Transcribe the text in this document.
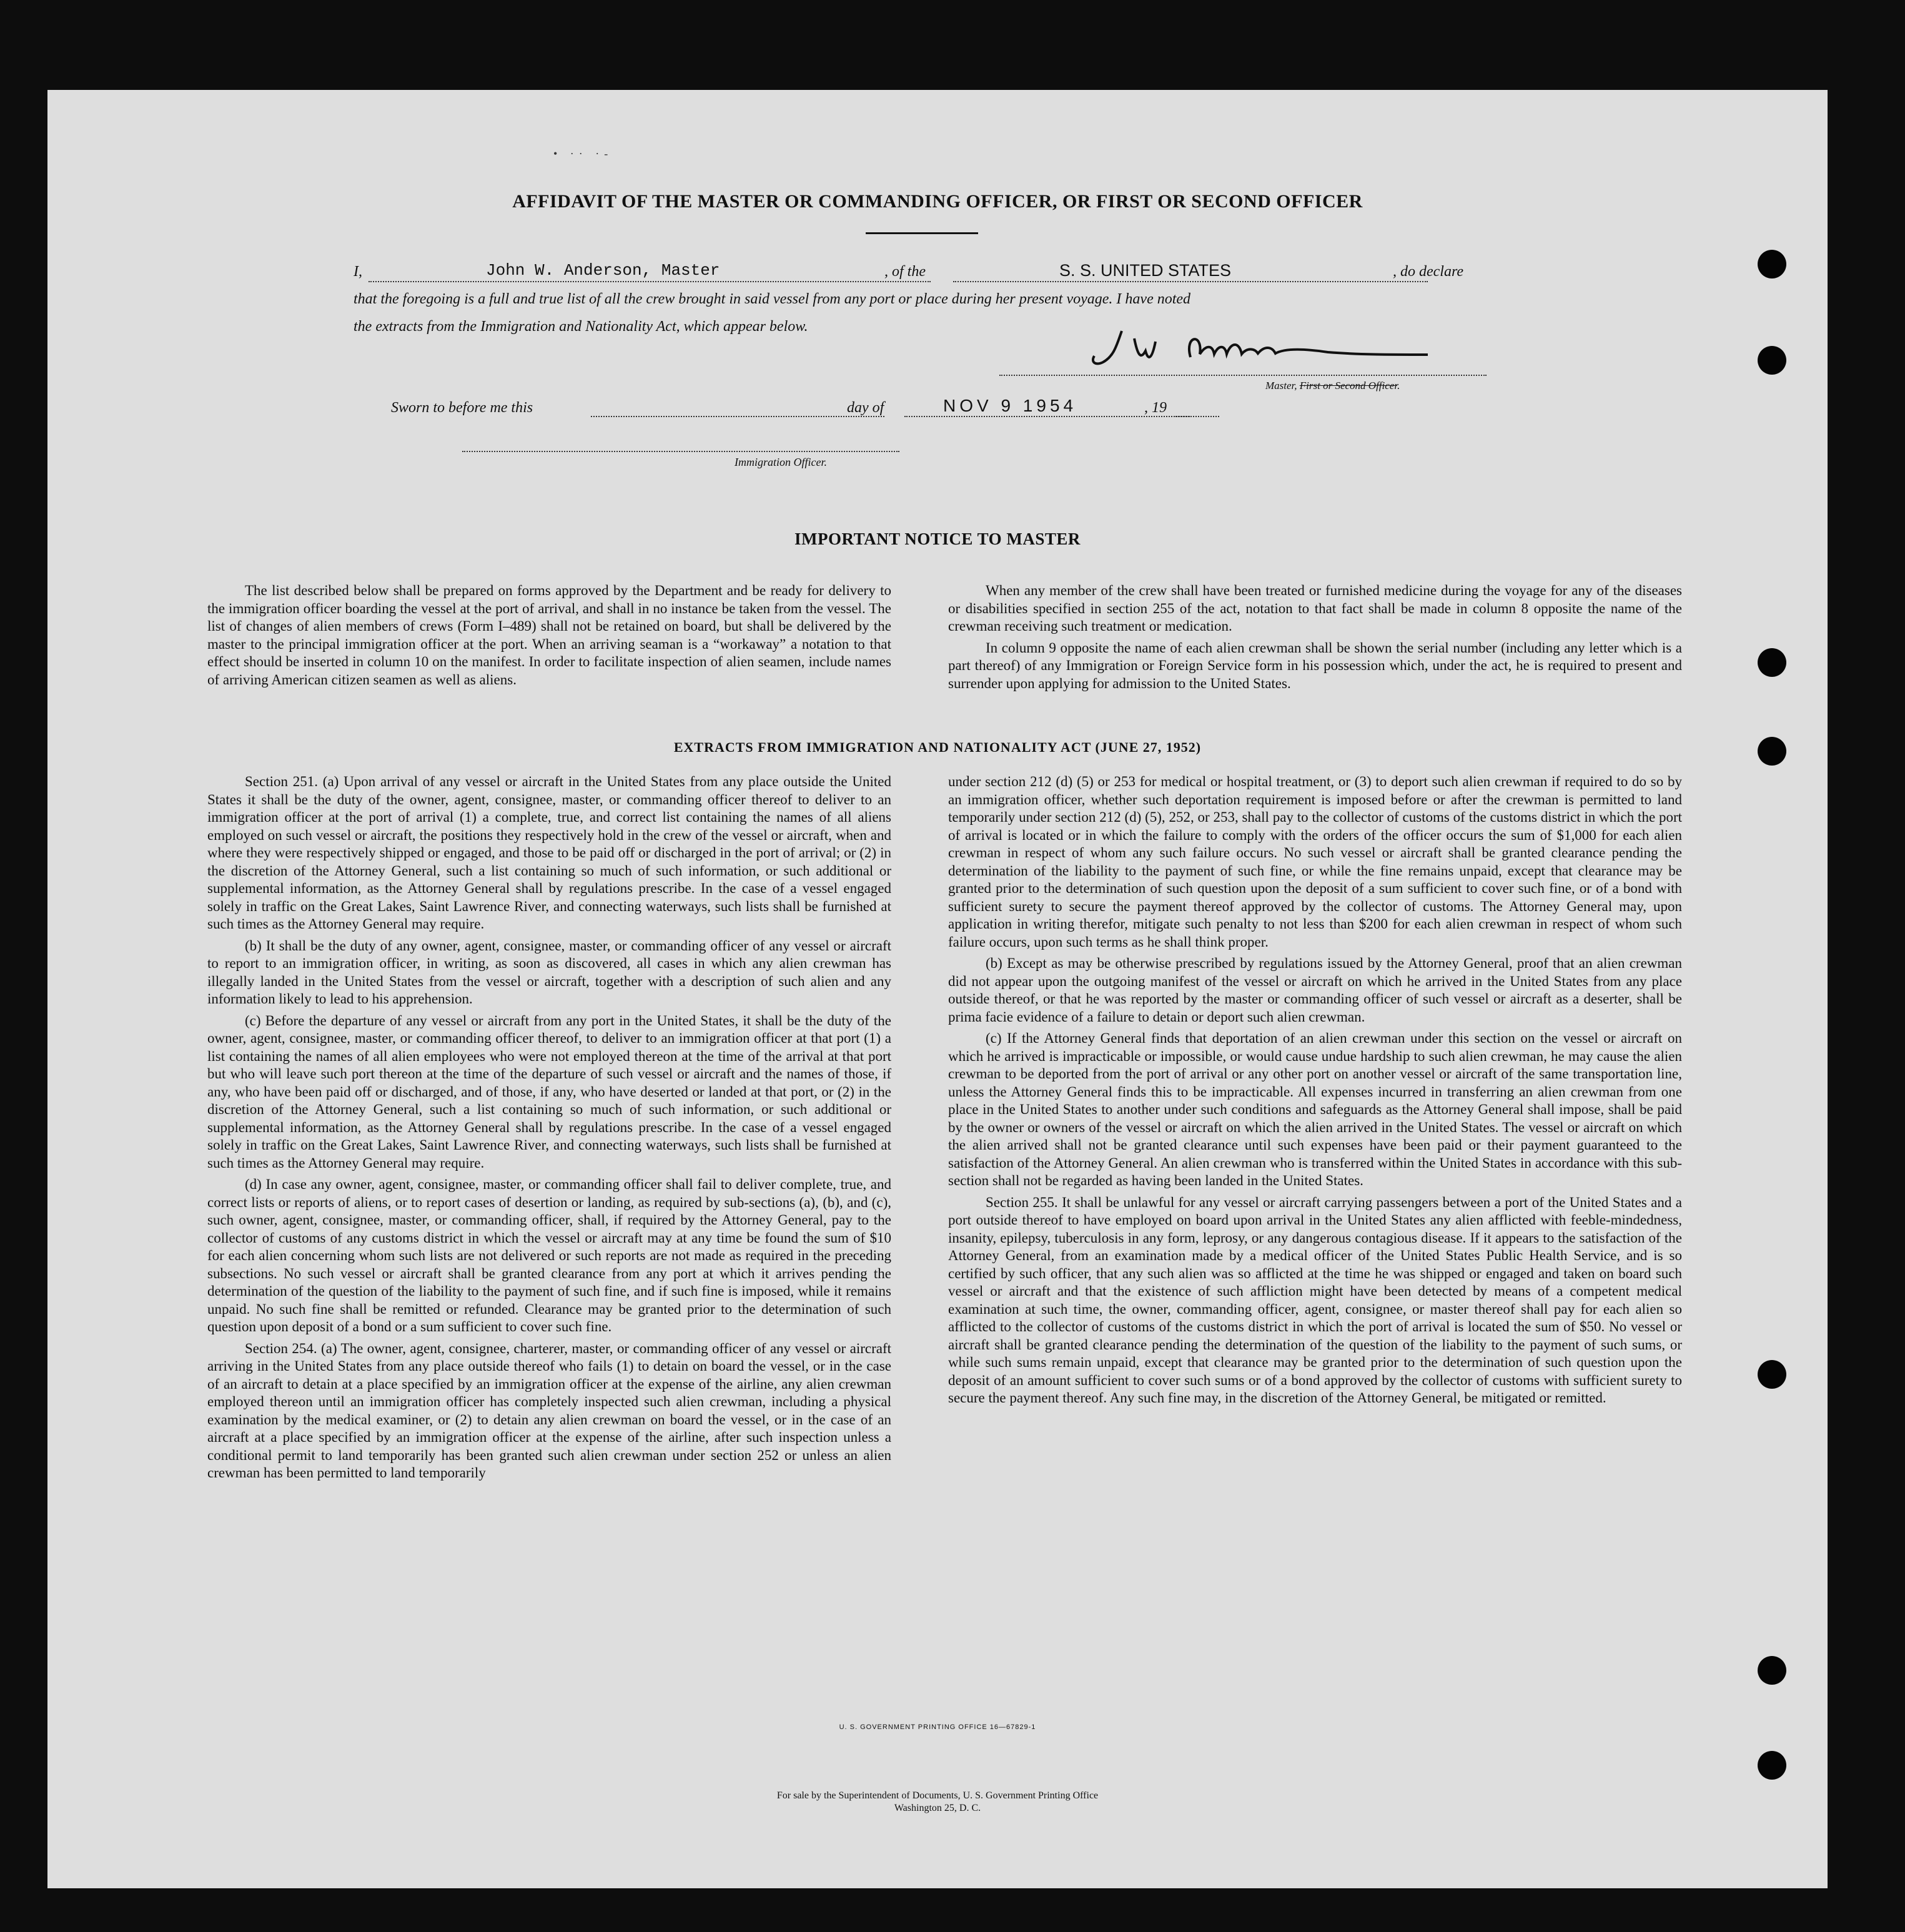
• ·· ·-
AFFIDAVIT OF THE MASTER OR COMMANDING OFFICER, OR FIRST OR SECOND OFFICER
I,	John W. Anderson, Master	, of the	S. S. UNITED STATES	, do declare
that the foregoing is a full and true list of all the crew brought in said vessel from any port or place during her present voyage. I have noted
the extracts from the Immigration and Nationality Act, which appear below.
Master, First or Second Officer.
Sworn to before me this	day of	NOV 9 1954	, 19
Immigration Officer.
IMPORTANT NOTICE TO MASTER

The list described below shall be prepared on forms approved by the Department and be ready for delivery to the immigration officer boarding the vessel at the port of arrival, and shall in no instance be taken from the vessel. The list of changes of alien members of crews (Form I–489) shall not be retained on board, but shall be delivered by the master to the principal immigration officer at the port. When an arriving seaman is a “workaway” a notation to that effect should be inserted in column 10 on the manifest. In order to facilitate inspection of alien seamen, include names of arriving American citizen seamen as well as aliens.

When any member of the crew shall have been treated or furnished medicine during the voyage for any of the diseases or disabilities specified in section 255 of the act, notation to that fact shall be made in column 8 opposite the name of the crewman receiving such treatment or medication.

In column 9 opposite the name of each alien crewman shall be shown the serial number (including any letter which is a part thereof) of any Immigration or Foreign Service form in his possession which, under the act, he is required to present and surrender upon applying for admission to the United States.

EXTRACTS FROM IMMIGRATION AND NATIONALITY ACT (JUNE 27, 1952)

Section 251. (a) Upon arrival of any vessel or aircraft in the United States from any place outside the United States it shall be the duty of the owner, agent, consignee, master, or commanding officer thereof to deliver to an immigration officer at the port of arrival (1) a complete, true, and correct list containing the names of all aliens employed on such vessel or aircraft, the positions they respectively hold in the crew of the vessel or aircraft, when and where they were respectively shipped or engaged, and those to be paid off or discharged in the port of arrival; or (2) in the discretion of the Attorney General, such a list containing so much of such information, or such additional or supplemental information, as the Attorney General shall by regulations prescribe. In the case of a vessel engaged solely in traffic on the Great Lakes, Saint Lawrence River, and connecting waterways, such lists shall be furnished at such times as the Attorney General may require.

(b) It shall be the duty of any owner, agent, consignee, master, or commanding officer of any vessel or aircraft to report to an immigration officer, in writing, as soon as discovered, all cases in which any alien crewman has illegally landed in the United States from the vessel or aircraft, together with a description of such alien and any information likely to lead to his apprehension.

(c) Before the departure of any vessel or aircraft from any port in the United States, it shall be the duty of the owner, agent, consignee, master, or commanding officer thereof, to deliver to an immigration officer at that port (1) a list containing the names of all alien employees who were not employed thereon at the time of the arrival at that port but who will leave such port thereon at the time of the departure of such vessel or aircraft and the names of those, if any, who have been paid off or discharged, and of those, if any, who have deserted or landed at that port, or (2) in the discretion of the Attorney General, such a list containing so much of such information, or such additional or supplemental information, as the Attorney General shall by regulations prescribe. In the case of a vessel engaged solely in traffic on the Great Lakes, Saint Lawrence River, and connecting waterways, such lists shall be furnished at such times as the Attorney General may require.

(d) In case any owner, agent, consignee, master, or commanding officer shall fail to deliver complete, true, and correct lists or reports of aliens, or to report cases of desertion or landing, as required by sub-sections (a), (b), and (c), such owner, agent, consignee, master, or commanding officer, shall, if required by the Attorney General, pay to the collector of customs of any customs district in which the vessel or aircraft may at any time be found the sum of $10 for each alien concerning whom such lists are not delivered or such reports are not made as required in the preceding subsections. No such vessel or aircraft shall be granted clearance from any port at which it arrives pending the determination of the question of the liability to the payment of such fine, and if such fine is imposed, while it remains unpaid. No such fine shall be remitted or refunded. Clearance may be granted prior to the determination of such question upon deposit of a bond or a sum sufficient to cover such fine.

Section 254. (a) The owner, agent, consignee, charterer, master, or commanding officer of any vessel or aircraft arriving in the United States from any place outside thereof who fails (1) to detain on board the vessel, or in the case of an aircraft to detain at a place specified by an immigration officer at the expense of the airline, any alien crewman employed thereon until an immigration officer has completely inspected such alien crewman, including a physical examination by the medical examiner, or (2) to detain any alien crewman on board the vessel, or in the case of an aircraft at a place specified by an immigration officer at the expense of the airline, after such inspection unless a conditional permit to land temporarily has been granted such alien crewman under section 252 or unless an alien crewman has been permitted to land temporarily

under section 212 (d) (5) or 253 for medical or hospital treatment, or (3) to deport such alien crewman if required to do so by an immigration officer, whether such deportation requirement is imposed before or after the crewman is permitted to land temporarily under section 212 (d) (5), 252, or 253, shall pay to the collector of customs of the customs district in which the port of arrival is located or in which the failure to comply with the orders of the officer occurs the sum of $1,000 for each alien crewman in respect of whom any such failure occurs. No such vessel or aircraft shall be granted clearance pending the determination of the liability to the payment of such fine, or while the fine remains unpaid, except that clearance may be granted prior to the determination of such question upon the deposit of a sum sufficient to cover such fine, or of a bond with sufficient surety to secure the payment thereof approved by the collector of customs. The Attorney General may, upon application in writing therefor, mitigate such penalty to not less than $200 for each alien crewman in respect of whom such failure occurs, upon such terms as he shall think proper.

(b) Except as may be otherwise prescribed by regulations issued by the Attorney General, proof that an alien crewman did not appear upon the outgoing manifest of the vessel or aircraft on which he arrived in the United States from any place outside thereof, or that he was reported by the master or commanding officer of such vessel or aircraft as a deserter, shall be prima facie evidence of a failure to detain or deport such alien crewman.

(c) If the Attorney General finds that deportation of an alien crewman under this section on the vessel or aircraft on which he arrived is impracticable or impossible, or would cause undue hardship to such alien crewman, he may cause the alien crewman to be deported from the port of arrival or any other port on another vessel or aircraft of the same transportation line, unless the Attorney General finds this to be impracticable. All expenses incurred in transferring an alien crewman from one place in the United States to another under such conditions and safeguards as the Attorney General shall impose, shall be paid by the owner or owners of the vessel or aircraft on which the alien arrived in the United States. The vessel or aircraft on which the alien arrived shall not be granted clearance until such expenses have been paid or their payment guaranteed to the satisfaction of the Attorney General. An alien crewman who is transferred within the United States in accordance with this sub-section shall not be regarded as having been landed in the United States.

Section 255. It shall be unlawful for any vessel or aircraft carrying passengers between a port of the United States and a port outside thereof to have employed on board upon arrival in the United States any alien afflicted with feeble-mindedness, insanity, epilepsy, tuberculosis in any form, leprosy, or any dangerous contagious disease. If it appears to the satisfaction of the Attorney General, from an examination made by a medical officer of the United States Public Health Service, and is so certified by such officer, that any such alien was so afflicted at the time he was shipped or engaged and taken on board such vessel or aircraft and that the existence of such affliction might have been detected by means of a competent medical examination at such time, the owner, commanding officer, agent, consignee, or master thereof shall pay for each alien so afflicted to the collector of customs of the customs district in which the port of arrival is located the sum of $50. No vessel or aircraft shall be granted clearance pending the determination of the question of the liability to the payment of such sums, or while such sums remain unpaid, except that clearance may be granted prior to the determination of such question upon the deposit of an amount sufficient to cover such sums or of a bond approved by the collector of customs with sufficient surety to secure the payment thereof. Any such fine may, in the discretion of the Attorney General, be mitigated or remitted.

U. S. GOVERNMENT PRINTING OFFICE 16—67829-1
For sale by the Superintendent of Documents, U. S. Government Printing Office
Washington 25, D. C.
